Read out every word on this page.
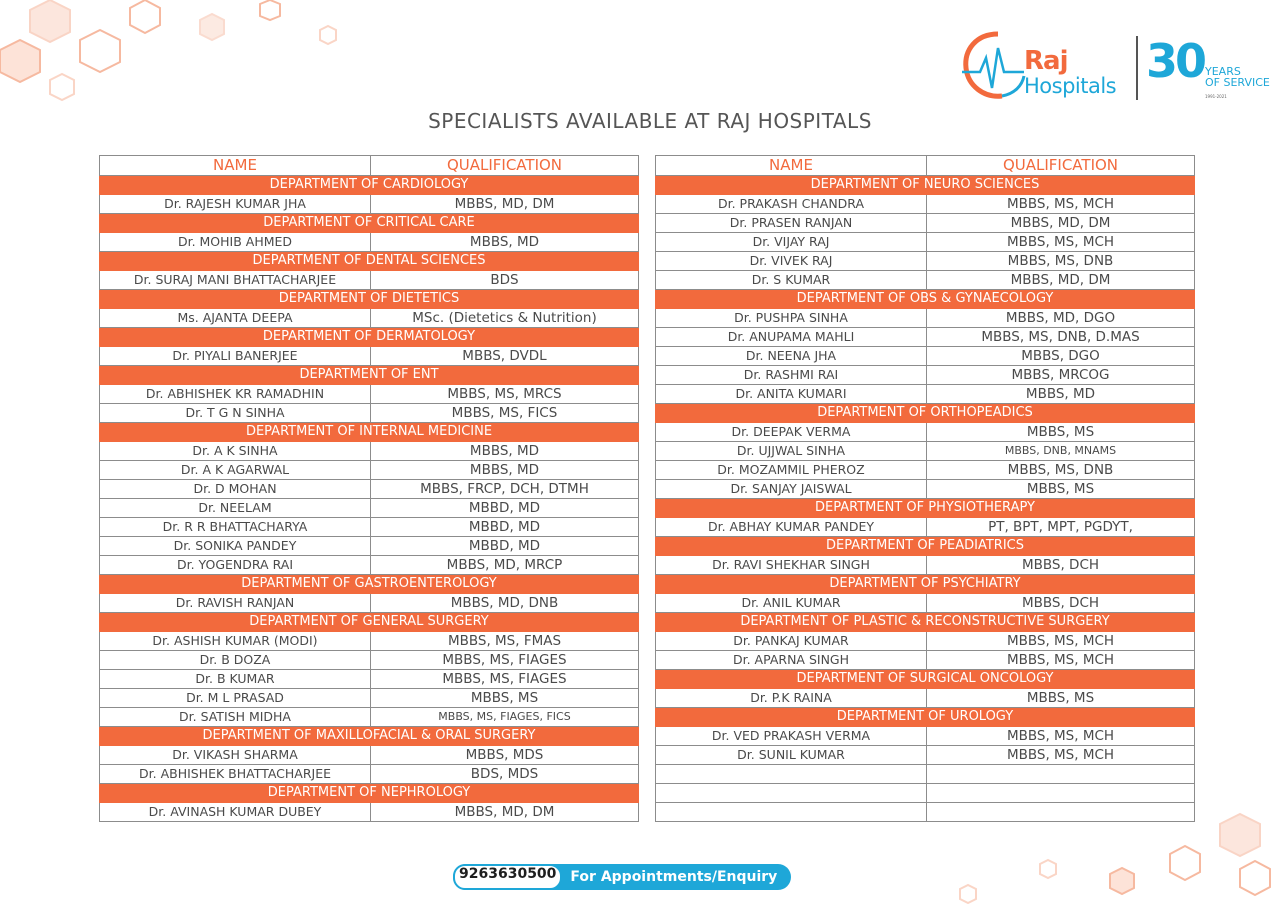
Raj
Hospitals 30 YEARS
OF SERVICE
1991-2021
SPECIALISTS AVAILABLE AT RAJ HOSPITALS
NAME	QUALIFICATION
DEPARTMENT OF CARDIOLOGY	
Dr. RAJESH KUMAR JHA	MBBS, MD, DM
DEPARTMENT OF CRITICAL CARE	
Dr. MOHIB AHMED	MBBS, MD
DEPARTMENT OF DENTAL SCIENCES	
Dr. SURAJ MANI BHATTACHARJEE	BDS
DEPARTMENT OF DIETETICS	
Ms. AJANTA DEEPA	MSc. (Dietetics & Nutrition)
DEPARTMENT OF DERMATOLOGY	
Dr. PIYALI BANERJEE	MBBS, DVDL
DEPARTMENT OF ENT	
Dr. ABHISHEK KR RAMADHIN	MBBS, MS, MRCS
Dr. T G N SINHA	MBBS, MS, FICS
DEPARTMENT OF INTERNAL MEDICINE	
Dr. A K SINHA	MBBS, MD
Dr. A K AGARWAL	MBBS, MD
Dr. D MOHAN	MBBS, FRCP, DCH, DTMH
Dr. NEELAM	MBBD, MD
Dr. R R BHATTACHARYA	MBBD, MD
Dr. SONIKA PANDEY	MBBD, MD
Dr. YOGENDRA RAI	MBBS, MD, MRCP
DEPARTMENT OF GASTROENTEROLOGY	
Dr. RAVISH RANJAN	MBBS, MD, DNB
DEPARTMENT OF GENERAL SURGERY	
Dr. ASHISH KUMAR (MODI)	MBBS, MS, FMAS
Dr. B DOZA	MBBS, MS, FIAGES
Dr. B KUMAR	MBBS, MS, FIAGES
Dr. M L PRASAD	MBBS, MS
Dr. SATISH MIDHA	MBBS, MS, FIAGES, FICS
DEPARTMENT OF MAXILLOFACIAL & ORAL SURGERY	
Dr. VIKASH SHARMA	MBBS, MDS
Dr. ABHISHEK BHATTACHARJEE	BDS, MDS
DEPARTMENT OF NEPHROLOGY	
Dr. AVINASH KUMAR DUBEY	MBBS, MD, DM
NAME	QUALIFICATION
DEPARTMENT OF NEURO SCIENCES	
Dr. PRAKASH CHANDRA	MBBS, MS, MCH
Dr. PRASEN RANJAN	MBBS, MD, DM
Dr. VIJAY RAJ	MBBS, MS, MCH
Dr. VIVEK RAJ	MBBS, MS, DNB
Dr. S KUMAR	MBBS, MD, DM
DEPARTMENT OF OBS & GYNAECOLOGY	
Dr. PUSHPA SINHA	MBBS, MD, DGO
Dr. ANUPAMA MAHLI	MBBS, MS, DNB, D.MAS
Dr. NEENA JHA	MBBS, DGO
Dr. RASHMI RAI	MBBS, MRCOG
Dr. ANITA KUMARI	MBBS, MD
DEPARTMENT OF ORTHOPEADICS	
Dr. DEEPAK VERMA	MBBS, MS
Dr. UJJWAL SINHA	MBBS, DNB, MNAMS
Dr. MOZAMMIL PHEROZ	MBBS, MS, DNB
Dr. SANJAY JAISWAL	MBBS, MS
DEPARTMENT OF PHYSIOTHERAPY	
Dr. ABHAY KUMAR PANDEY	PT, BPT, MPT, PGDYT,
DEPARTMENT OF PEADIATRICS	
Dr. RAVI SHEKHAR SINGH	MBBS, DCH
DEPARTMENT OF PSYCHIATRY	
Dr. ANIL KUMAR	MBBS, DCH
DEPARTMENT OF PLASTIC & RECONSTRUCTIVE SURGERY	
Dr. PANKAJ KUMAR	MBBS, MS, MCH
Dr. APARNA SINGH	MBBS, MS, MCH
DEPARTMENT OF SURGICAL ONCOLOGY	
Dr. P.K RAINA	MBBS, MS
DEPARTMENT OF UROLOGY	
Dr. VED PRAKASH VERMA	MBBS, MS, MCH
Dr. SUNIL KUMAR	MBBS, MS, MCH

9263630500	For Appointments/Enquiry
